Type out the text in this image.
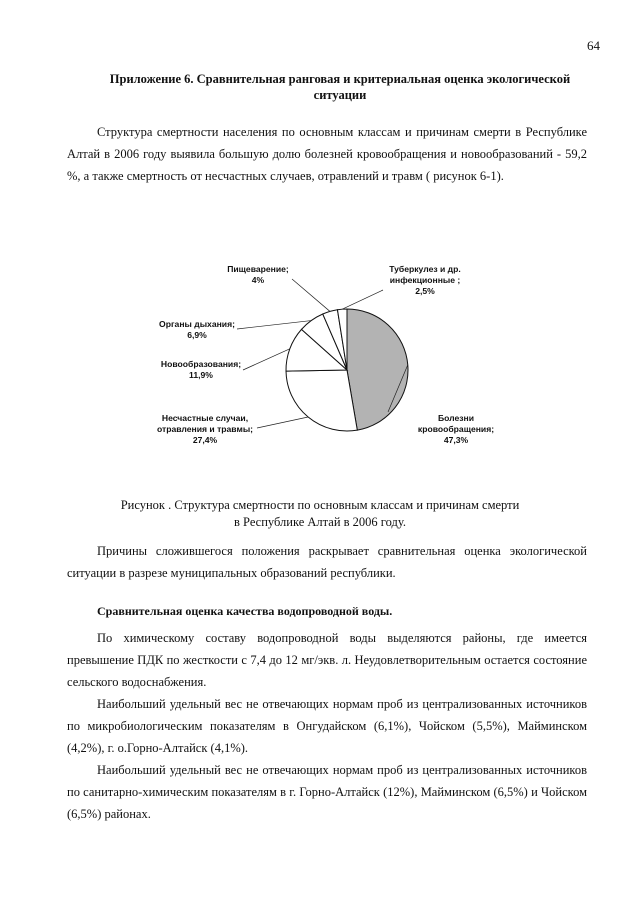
64
Приложение 6. Сравнительная ранговая и критериальная оценка экологической
ситуации

Структура смертности населения по основным классам и причинам смерти в Республике Алтай в 2006 году выявила большую долю болезней кровообращения и новообразований - 59,2 %, а также смертность от несчастных случаев, отравлений и травм ( рисунок 6-1).

Болезни кровообращения; 47,3%
Несчастные случаи, отравления и травмы; 27,4%
Новообразования; 11,9%
Органы дыхания; 6,9%
Пищеварение; 4%
Туберкулез и др. инфекционные ; 2,5%
Рисунок . Структура смертности по основным классам и причинам смерти
в Республике Алтай в 2006 году.

Причины сложившегося положения раскрывает сравнительная оценка экологической ситуации в разрезе муниципальных образований республики.

Сравнительная оценка качества водопроводной воды.

По химическому составу водопроводной воды выделяются районы, где имеется превышение ПДК по жесткости с 7,4 до 12 мг/экв. л. Неудовлетворительным остается состояние сельского водоснабжения.

Наибольший удельный вес не отвечающих нормам проб из централизованных источников по микробиологическим показателям в Онгудайском (6,1%), Чойском (5,5%), Майминском (4,2%), г. о.Горно-Алтайск (4,1%).

Наибольший удельный вес не отвечающих нормам проб из централизованных источников по санитарно-химическим показателям в г. Горно-Алтайск (12%), Майминском (6,5%) и Чойском (6,5%) районах.
